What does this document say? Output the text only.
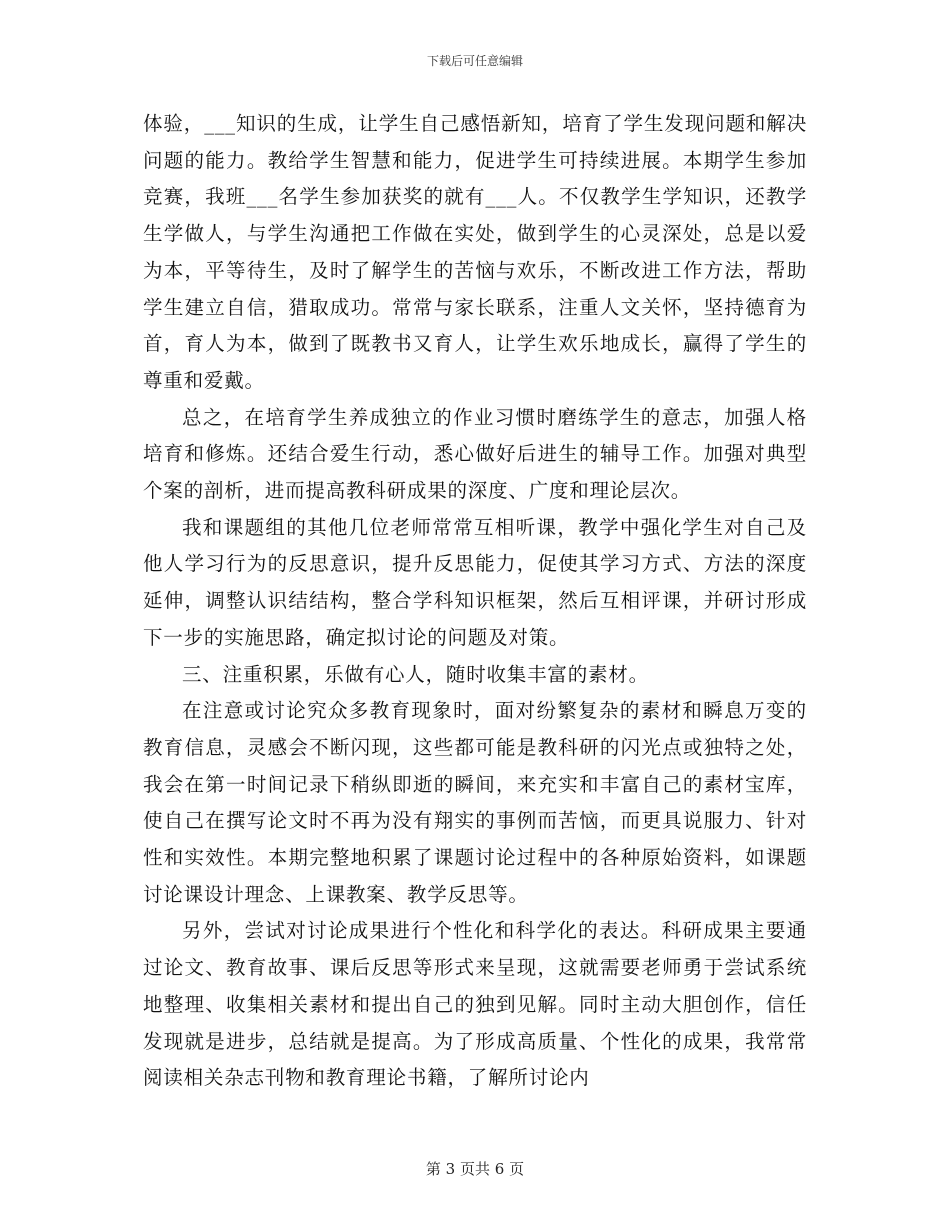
下载后可任意编辑

体验，___知识的生成，让学生自己感悟新知，培育了学生发现问题和解决问题的能力。教给学生智慧和能力，促进学生可持续进展。本期学生参加竞赛，我班___名学生参加获奖的就有___人。不仅教学生学知识，还教学生学做人，与学生沟通把工作做在实处，做到学生的心灵深处，总是以爱为本，平等待生，及时了解学生的苦恼与欢乐，不断改进工作方法，帮助学生建立自信，猎取成功。常常与家长联系，注重人文关怀，坚持德育为首，育人为本，做到了既教书又育人，让学生欢乐地成长，赢得了学生的尊重和爱戴。

总之，在培育学生养成独立的作业习惯时磨练学生的意志，加强人格培育和修炼。还结合爱生行动，悉心做好后进生的辅导工作。加强对典型个案的剖析，进而提高教科研成果的深度、广度和理论层次。

我和课题组的其他几位老师常常互相听课，教学中强化学生对自己及他人学习行为的反思意识，提升反思能力，促使其学习方式、方法的深度延伸，调整认识结结构，整合学科知识框架，然后互相评课，并研讨形成下一步的实施思路，确定拟讨论的问题及对策。

三、注重积累，乐做有心人，随时收集丰富的素材。

在注意或讨论究众多教育现象时，面对纷繁复杂的素材和瞬息万变的教育信息，灵感会不断闪现，这些都可能是教科研的闪光点或独特之处，我会在第一时间记录下稍纵即逝的瞬间，来充实和丰富自己的素材宝库，使自己在撰写论文时不再为没有翔实的事例而苦恼，而更具说服力、针对性和实效性。本期完整地积累了课题讨论过程中的各种原始资料，如课题讨论课设计理念、上课教案、教学反思等。

另外，尝试对讨论成果进行个性化和科学化的表达。科研成果主要通过论文、教育故事、课后反思等形式来呈现，这就需要老师勇于尝试系统地整理、收集相关素材和提出自己的独到见解。同时主动大胆创作，信任发现就是进步，总结就是提高。为了形成高质量、个性化的成果，我常常阅读相关杂志刊物和教育理论书籍，了解所讨论内

第 3 页共 6 页
